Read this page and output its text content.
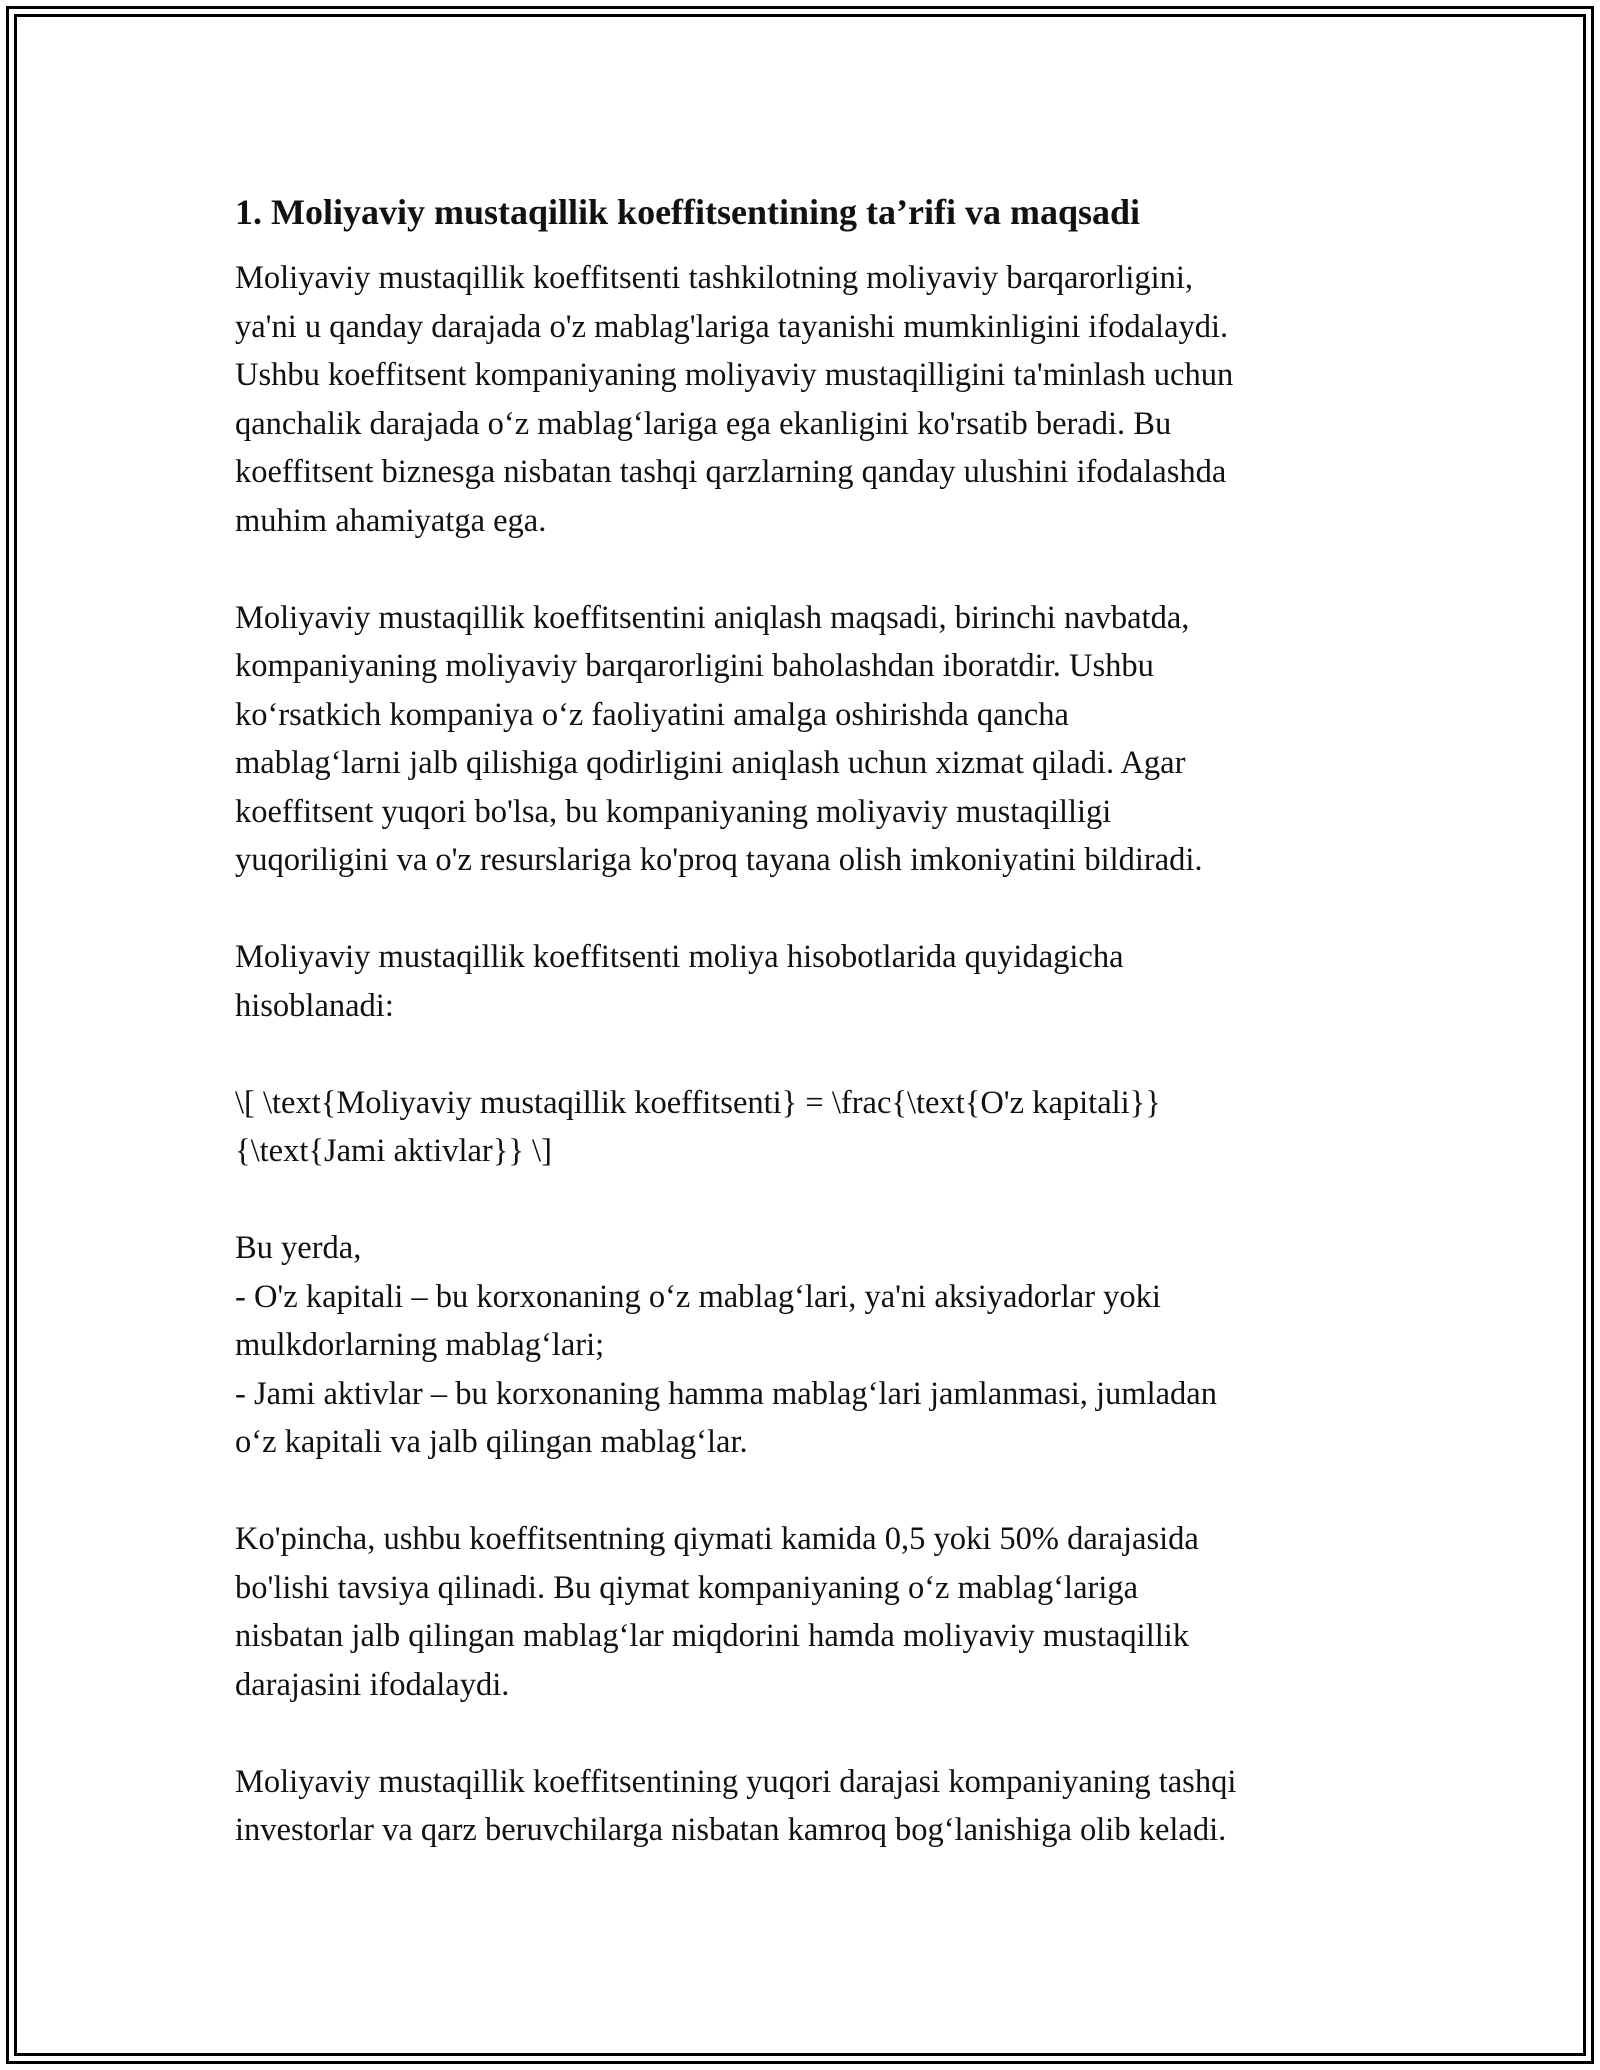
1. Moliyaviy mustaqillik koeffitsentining ta’rifi va maqsadi

Moliyaviy mustaqillik koeffitsenti tashkilotning moliyaviy barqarorligini,
ya'ni u qanday darajada o'z mablag'lariga tayanishi mumkinligini ifodalaydi.
Ushbu koeffitsent kompaniyaning moliyaviy mustaqilligini ta'minlash uchun
qanchalik darajada o‘z mablag‘lariga ega ekanligini ko'rsatib beradi. Bu
koeffitsent biznesga nisbatan tashqi qarzlarning qanday ulushini ifodalashda
muhim ahamiyatga ega.

Moliyaviy mustaqillik koeffitsentini aniqlash maqsadi, birinchi navbatda,
kompaniyaning moliyaviy barqarorligini baholashdan iboratdir. Ushbu
ko‘rsatkich kompaniya o‘z faoliyatini amalga oshirishda qancha
mablag‘larni jalb qilishiga qodirligini aniqlash uchun xizmat qiladi. Agar
koeffitsent yuqori bo'lsa, bu kompaniyaning moliyaviy mustaqilligi
yuqoriligini va o'z resurslariga ko'proq tayana olish imkoniyatini bildiradi.

Moliyaviy mustaqillik koeffitsenti moliya hisobotlarida quyidagicha
hisoblanadi:

\[ \text{Moliyaviy mustaqillik koeffitsenti} = \frac{\text{O'z kapitali}}
{\text{Jami aktivlar}} \]

Bu yerda,
- O'z kapitali – bu korxonaning o‘z mablag‘lari, ya'ni aksiyadorlar yoki
mulkdorlarning mablag‘lari;
- Jami aktivlar – bu korxonaning hamma mablag‘lari jamlanmasi, jumladan
o‘z kapitali va jalb qilingan mablag‘lar.

Ko'pincha, ushbu koeffitsentning qiymati kamida 0,5 yoki 50% darajasida
bo'lishi tavsiya qilinadi. Bu qiymat kompaniyaning o‘z mablag‘lariga
nisbatan jalb qilingan mablag‘lar miqdorini hamda moliyaviy mustaqillik
darajasini ifodalaydi.

Moliyaviy mustaqillik koeffitsentining yuqori darajasi kompaniyaning tashqi
investorlar va qarz beruvchilarga nisbatan kamroq bog‘lanishiga olib keladi.
